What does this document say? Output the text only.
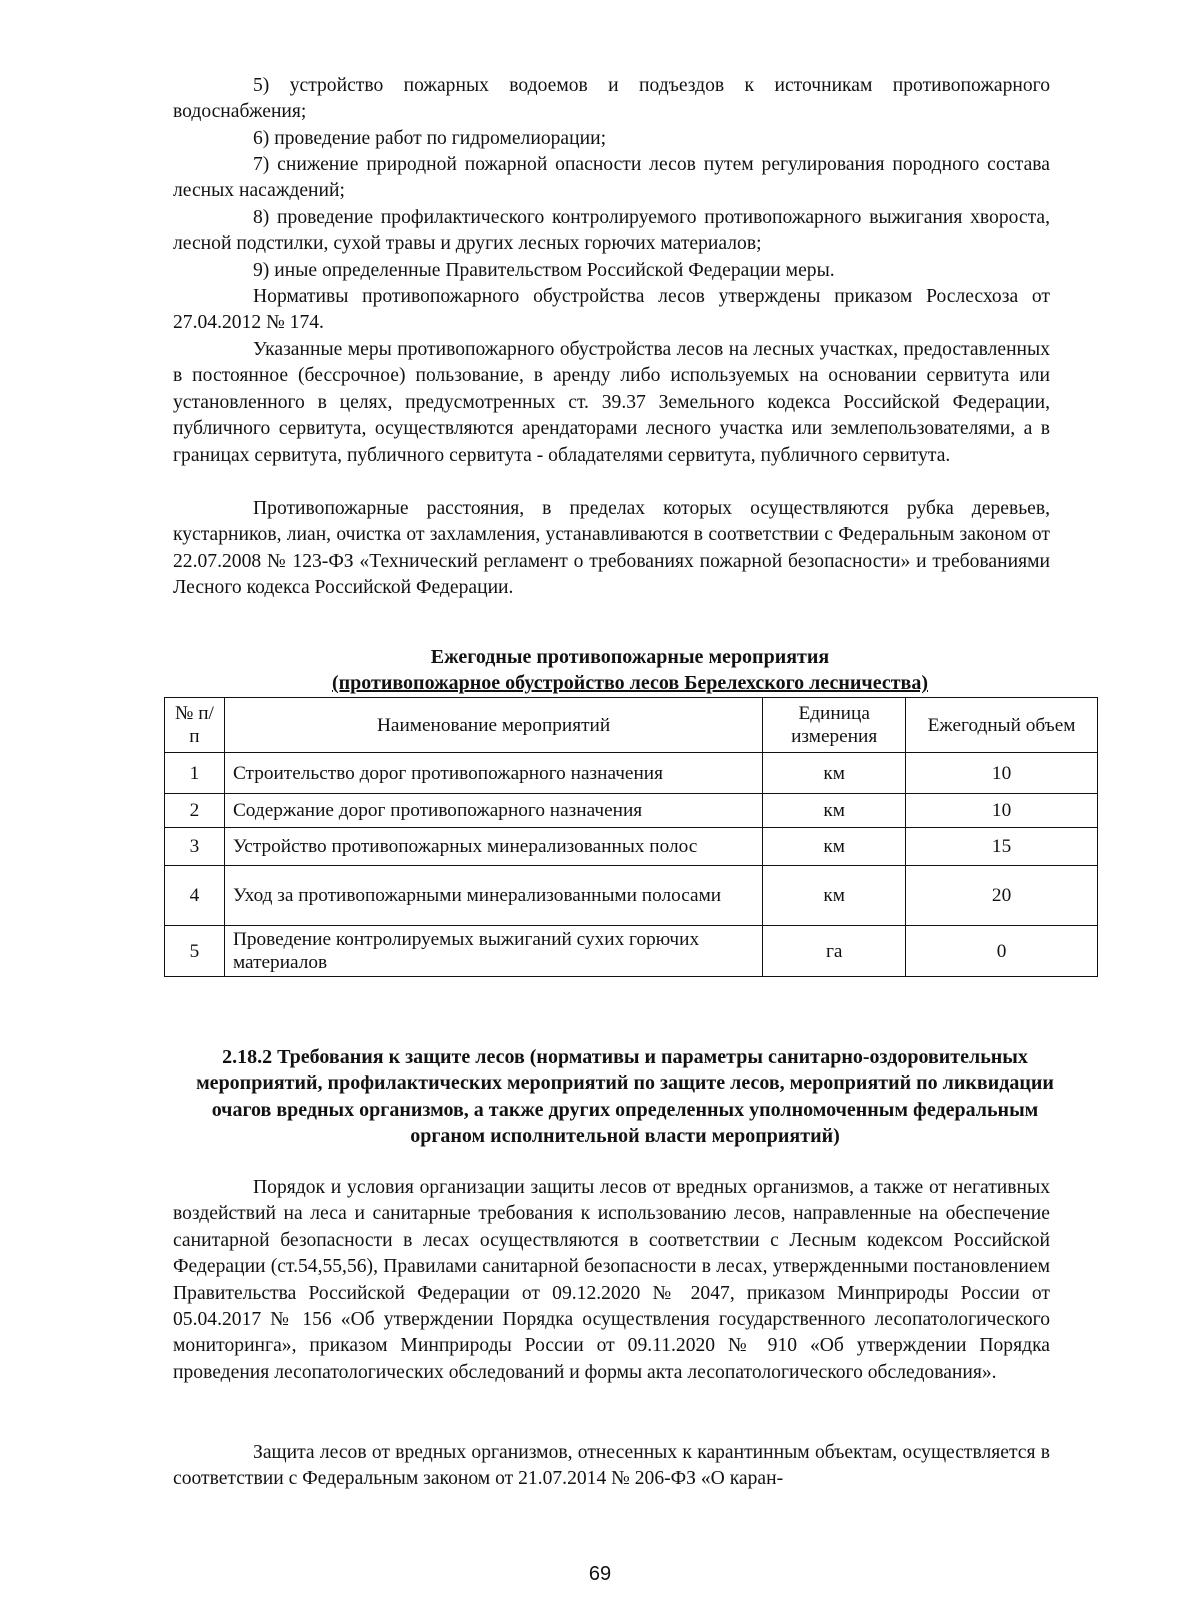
5) устройство пожарных водоемов и подъездов к источникам противопожарного водоснабжения;

6) проведение работ по гидромелиорации;

7) снижение природной пожарной опасности лесов путем регулирования породного состава лесных насаждений;

8) проведение профилактического контролируемого противопожарного выжигания хвороста, лесной подстилки, сухой травы и других лесных горючих материалов;

9) иные определенные Правительством Российской Федерации меры.

Нормативы противопожарного обустройства лесов утверждены приказом Рослесхоза от 27.04.2012 № 174.

Указанные меры противопожарного обустройства лесов на лесных участках, предоставленных в постоянное (бессрочное) пользование, в аренду либо используемых на основании сервитута или установленного в целях, предусмотренных ст. 39.37 Земельного кодекса Российской Федерации, публичного сервитута, осуществляются арендаторами лесного участка или землепользователями, а в границах сервитута, публичного сервитута - обладателями сервитута, публичного сервитута.

Противопожарные расстояния, в пределах которых осуществляются рубка деревьев, кустарников, лиан, очистка от захламления, устанавливаются в соответствии с Федеральным законом от 22.07.2008 № 123-ФЗ «Технический регламент о требованиях пожарной безопасности» и требованиями Лесного кодекса Российской Федерации.

Ежегодные противопожарные мероприятия
(противопожарное обустройство лесов Берелехского лесничества)
№ п/п	Наименование мероприятий	Единица измерения	Ежегодный объем
1	Строительство дорог противопожарного назначения	км	10
2	Содержание дорог противопожарного назначения	км	10
3	Устройство противопожарных минерализованных полос	км	15
4	Уход за противопожарными минерализованными полосами	км	20
5	Проведение контролируемых выжиганий сухих горючих материалов	га	0
2.18.2 Требования к защите лесов (нормативы и параметры санитарно-оздоровительных мероприятий, профилактических мероприятий по защите лесов, мероприятий по ликвидации очагов вредных организмов, а также других определенных уполномоченным федеральным органом исполнительной власти мероприятий)

Порядок и условия организации защиты лесов от вредных организмов, а также от негативных воздействий на леса и санитарные требования к использованию лесов, направленные на обеспечение санитарной безопасности в лесах осуществляются в соответствии с Лесным кодексом Российской Федерации (ст.54,55,56), Правилами санитарной безопасности в лесах, утвержденными постановлением Правительства Российской Федерации от 09.12.2020 № 2047, приказом Минприроды России от 05.04.2017 № 156 «Об утверждении Порядка осуществления государственного лесопатологического мониторинга», приказом Минприроды России от 09.11.2020 № 910 «Об утверждении Порядка проведения лесопатологических обследований и формы акта лесопатологического обследования».

Защита лесов от вредных организмов, отнесенных к карантинным объектам, осуществляется в соответствии с Федеральным законом от 21.07.2014 № 206-ФЗ «О каран-

69
